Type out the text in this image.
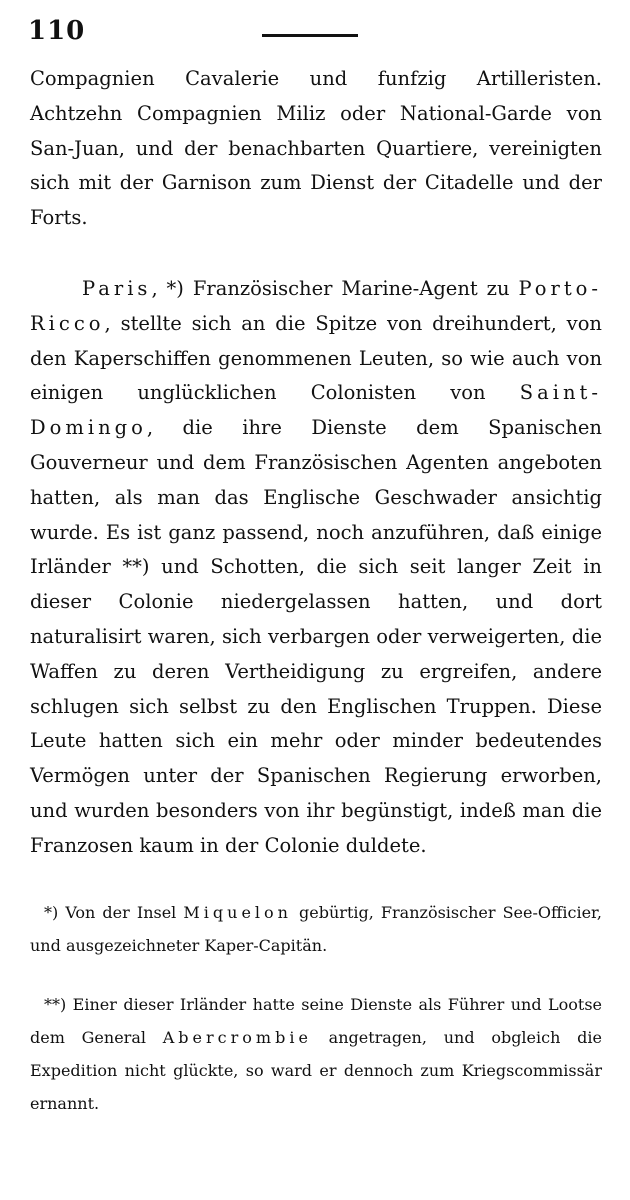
110

Compagnien Cavalerie und funfzig Artilleristen. Achtzehn Compagnien Miliz oder National-Garde von San-Juan, und der benachbarten Quartiere, vereinigten sich mit der Garnison zum Dienst der Citadelle und der Forts.

Paris, *) Französischer Marine-Agent zu Porto-Ricco, stellte sich an die Spitze von dreihundert, von den Kaperschiffen genommenen Leuten, so wie auch von einigen unglücklichen Colonisten von Saint-Domingo, die ihre Dienste dem Spanischen Gouverneur und dem Französischen Agenten angeboten hatten, als man das Englische Geschwader ansichtig wurde. Es ist ganz passend, noch anzuführen, daß einige Irländer **) und Schotten, die sich seit langer Zeit in dieser Colonie niedergelassen hatten, und dort naturalisirt waren, sich verbargen oder verweigerten, die Waffen zu deren Vertheidigung zu ergreifen, andere schlugen sich selbst zu den Englischen Truppen. Diese Leute hatten sich ein mehr oder minder bedeutendes Vermögen unter der Spanischen Regierung erworben, und wurden besonders von ihr begünstigt, indeß man die Franzosen kaum in der Colonie duldete.

*) Von der Insel Miquelon gebürtig, Französischer See-Officier, und ausgezeichneter Kaper-Capitän.

**) Einer dieser Irländer hatte seine Dienste als Führer und Lootse dem General Abercrombie angetragen, und obgleich die Expedition nicht glückte, so ward er dennoch zum Kriegscommissär ernannt.
